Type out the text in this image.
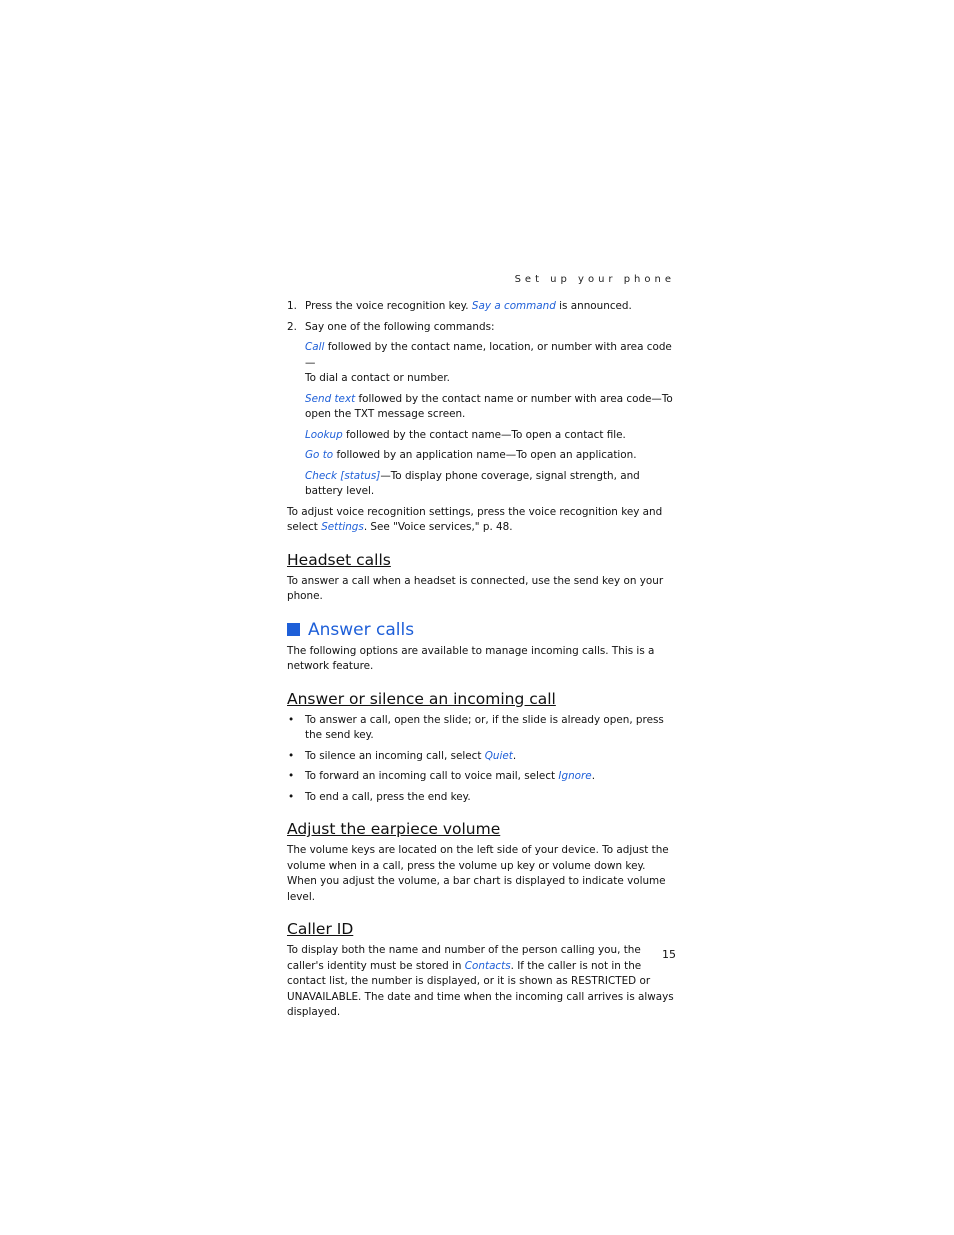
Set up your phone
1. Press the voice recognition key. Say a command is announced.
2. Say one of the following commands:
Call followed by the contact name, location, or number with area code—
To dial a contact or number.
Send text followed by the contact name or number with area code—To open the TXT message screen.
Lookup followed by the contact name—To open a contact file.
Go to followed by an application name—To open an application.
Check [status]—To display phone coverage, signal strength, and battery level.

To adjust voice recognition settings, press the voice recognition key and select Settings. See "Voice services," p. 48.

Headset calls

To answer a call when a headset is connected, use the send key on your phone.

Answer calls

The following options are available to manage incoming calls. This is a
network feature.

Answer or silence an incoming call
• To answer a call, open the slide; or, if the slide is already open, press the send key.
• To silence an incoming call, select Quiet.
• To forward an incoming call to voice mail, select Ignore.
• To end a call, press the end key.
Adjust the earpiece volume

The volume keys are located on the left side of your device. To adjust the volume when in a call, press the volume up key or volume down key. When you adjust the volume, a bar chart is displayed to indicate volume level.

Caller ID

To display both the name and number of the person calling you, the caller's identity must be stored in Contacts. If the caller is not in the contact list, the number is displayed, or it is shown as RESTRICTED or UNAVAILABLE. The date and time when the incoming call arrives is always displayed.

15
